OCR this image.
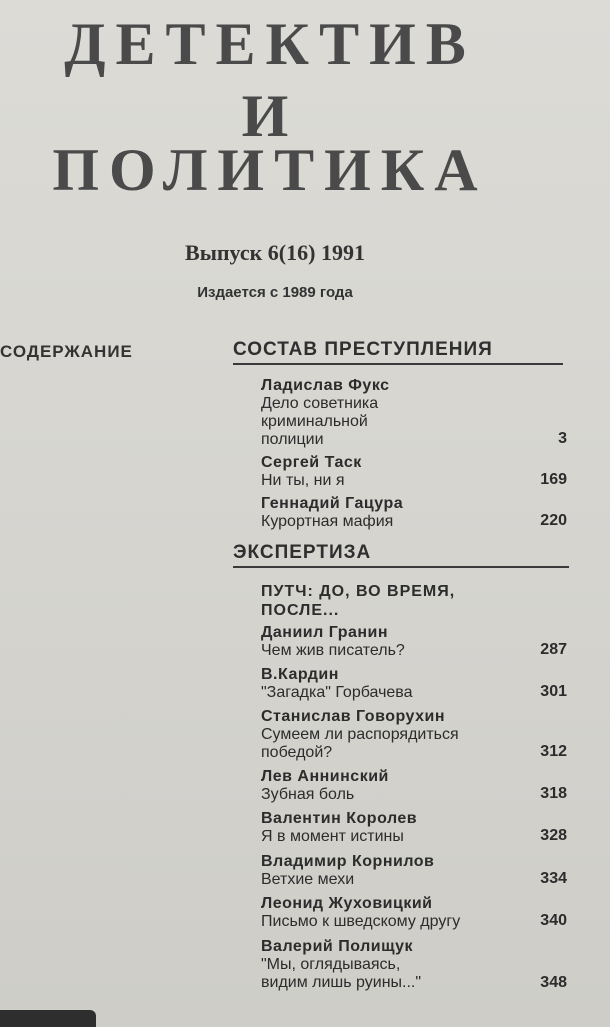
ДЕТЕКТИВ
И
ПОЛИТИКА
Выпуск 6(16) 1991
Издается с 1989 года
СОДЕРЖАНИЕ	СОСТАВ ПРЕСТУПЛЕНИЯ
Ладислав Фукс
Дело советника
криминальной
полиции	3
Сергей Таск
Ни ты, ни я	169
Геннадий Гацура
Курортная мафия	220
ЭКСПЕРТИЗА
ПУТЧ: ДО, ВО ВРЕМЯ,
ПОСЛЕ...
Даниил Гранин
Чем жив писатель?	287
В.Кардин
"Загадка" Горбачева	301
Станислав Говорухин
Сумеем ли распорядиться
победой?	312
Лев Аннинский
Зубная боль	318
Валентин Королев
Я в момент истины	328
Владимир Корнилов
Ветхие мехи	334
Леонид Жуховицкий
Письмо к шведскому другу	340
Валерий Полищук
"Мы, оглядываясь,
видим лишь руины..."	348
